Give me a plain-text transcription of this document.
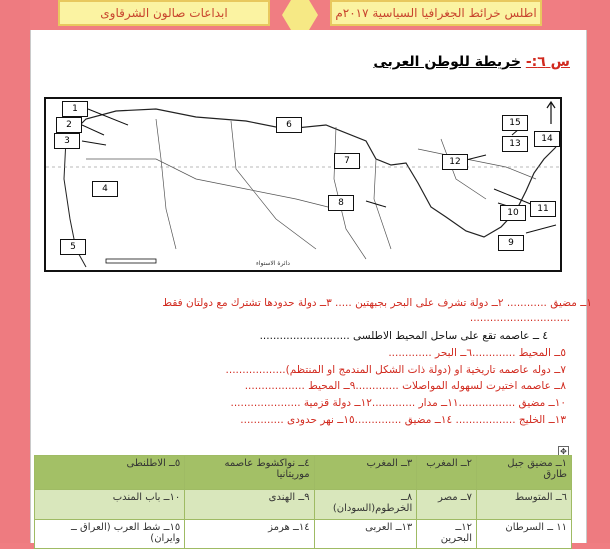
ابداعات صالون الشرقاوى	اطلس خرائط الجغرافيا السياسية ٢٠١٧م
س ٦:- خريطة للوطن العربى
دائرة الاستواء
1
2
3
4
5
6
7
8
9
10	11
12
13	14
15
١ــ مضيق ............ ٢ــ دولة تشرف على البحر بجبهتين ..... ٣ــ دولة حدودها تشترك مع دولتان فقط
..............................
٤ ــ عاصمه تقع على ساحل المحيط الاطلسى ...........................
٥ــ المحيط .............٦ــ البحر .............
٧ــ دوله عاصمه تاريخية او (دولة ذات الشكل المندمج او المنتظم)..................
٨ــ عاصمه اختيرت لسهوله المواصلات .............٩ــ المحيط ..................
١٠ــ مضيق .................١١ــ مدار .............١٢ــ دولة قزمية .....................
١٣ــ الخليج .................. ١٤ــ مضيق ..............١٥ــ نهر حدودى .............
✥
١ــ مضيق جبل طارق	٢ــ المغرب	٣ــ المغرب	٤ــ نواكشوط عاصمه موريتانيا	٥ــ الاطلنطى
٦ــ المتوسط	٧ــ مصر	٨ــ الخرطوم(السودان)	٩ــ الهندى	١٠ــ باب المندب
١١ ــ السرطان	١٢ــ البحرين	١٣ــ العربى	١٤ــ هرمز	١٥ــ شط العرب (العراق ــ وايران)
